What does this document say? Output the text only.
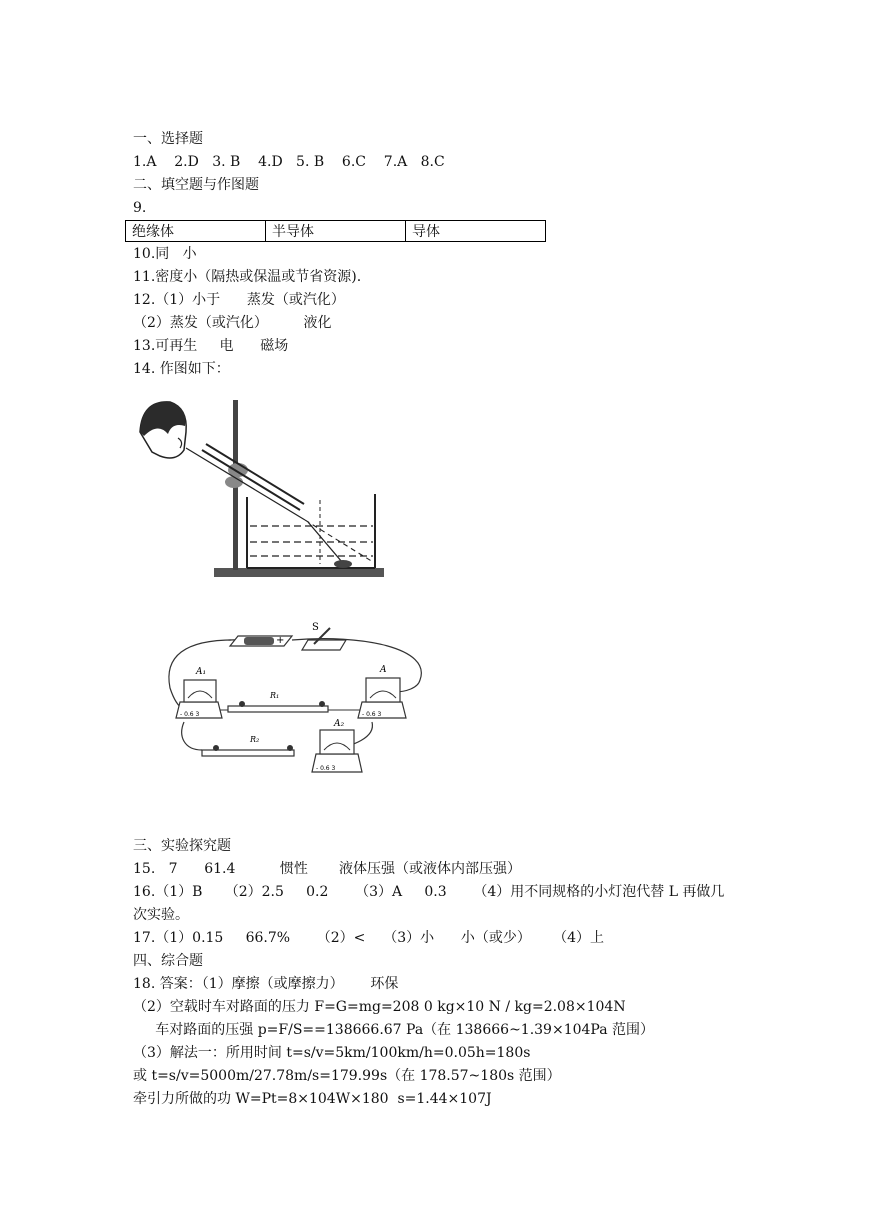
一、选择题
1.A    2.D   3. B    4.D   5. B    6.C    7.A   8.C
二、填空题与作图题
9.
绝缘体	半导体	导体
10.同   小
11.密度小（隔热或保温或节省资源).
12.（1）小于      蒸发（或汽化）
（2）蒸发（或汽化）        液化
13.可再生     电      磁场
14. 作图如下：
-	+
S
A₁
- 0.6 3
R₁
A
- 0.6 3
R₂
A₂
- 0.6 3
三、实验探究题
15.   7      61.4          惯性       液体压强（或液体内部压强）
16.（1）B     （2）2.5     0.2      （3）A     0.3      （4）用不同规格的小灯泡代替 L 再做几
次实验。
17.（1）0.15     66.7%      （2）<    （3）小      小（或少）     （4）上
四、综合题
18. 答案：（1）摩擦（或摩擦力）      环保
（2）空载时车对路面的压力 F=G=mg=208 0 kg×10 N / kg=2.08×104N
车对路面的压强 p=F/S==138666.67 Pa（在 138666~1.39×104Pa 范围）
（3）解法一：所用时间 t=s/v=5km/100km/h=0.05h=180s
或 t=s/v=5000m/27.78m/s=179.99s（在 178.57~180s 范围）
牵引力所做的功 W=Pt=8×104W×180  s=1.44×107J
